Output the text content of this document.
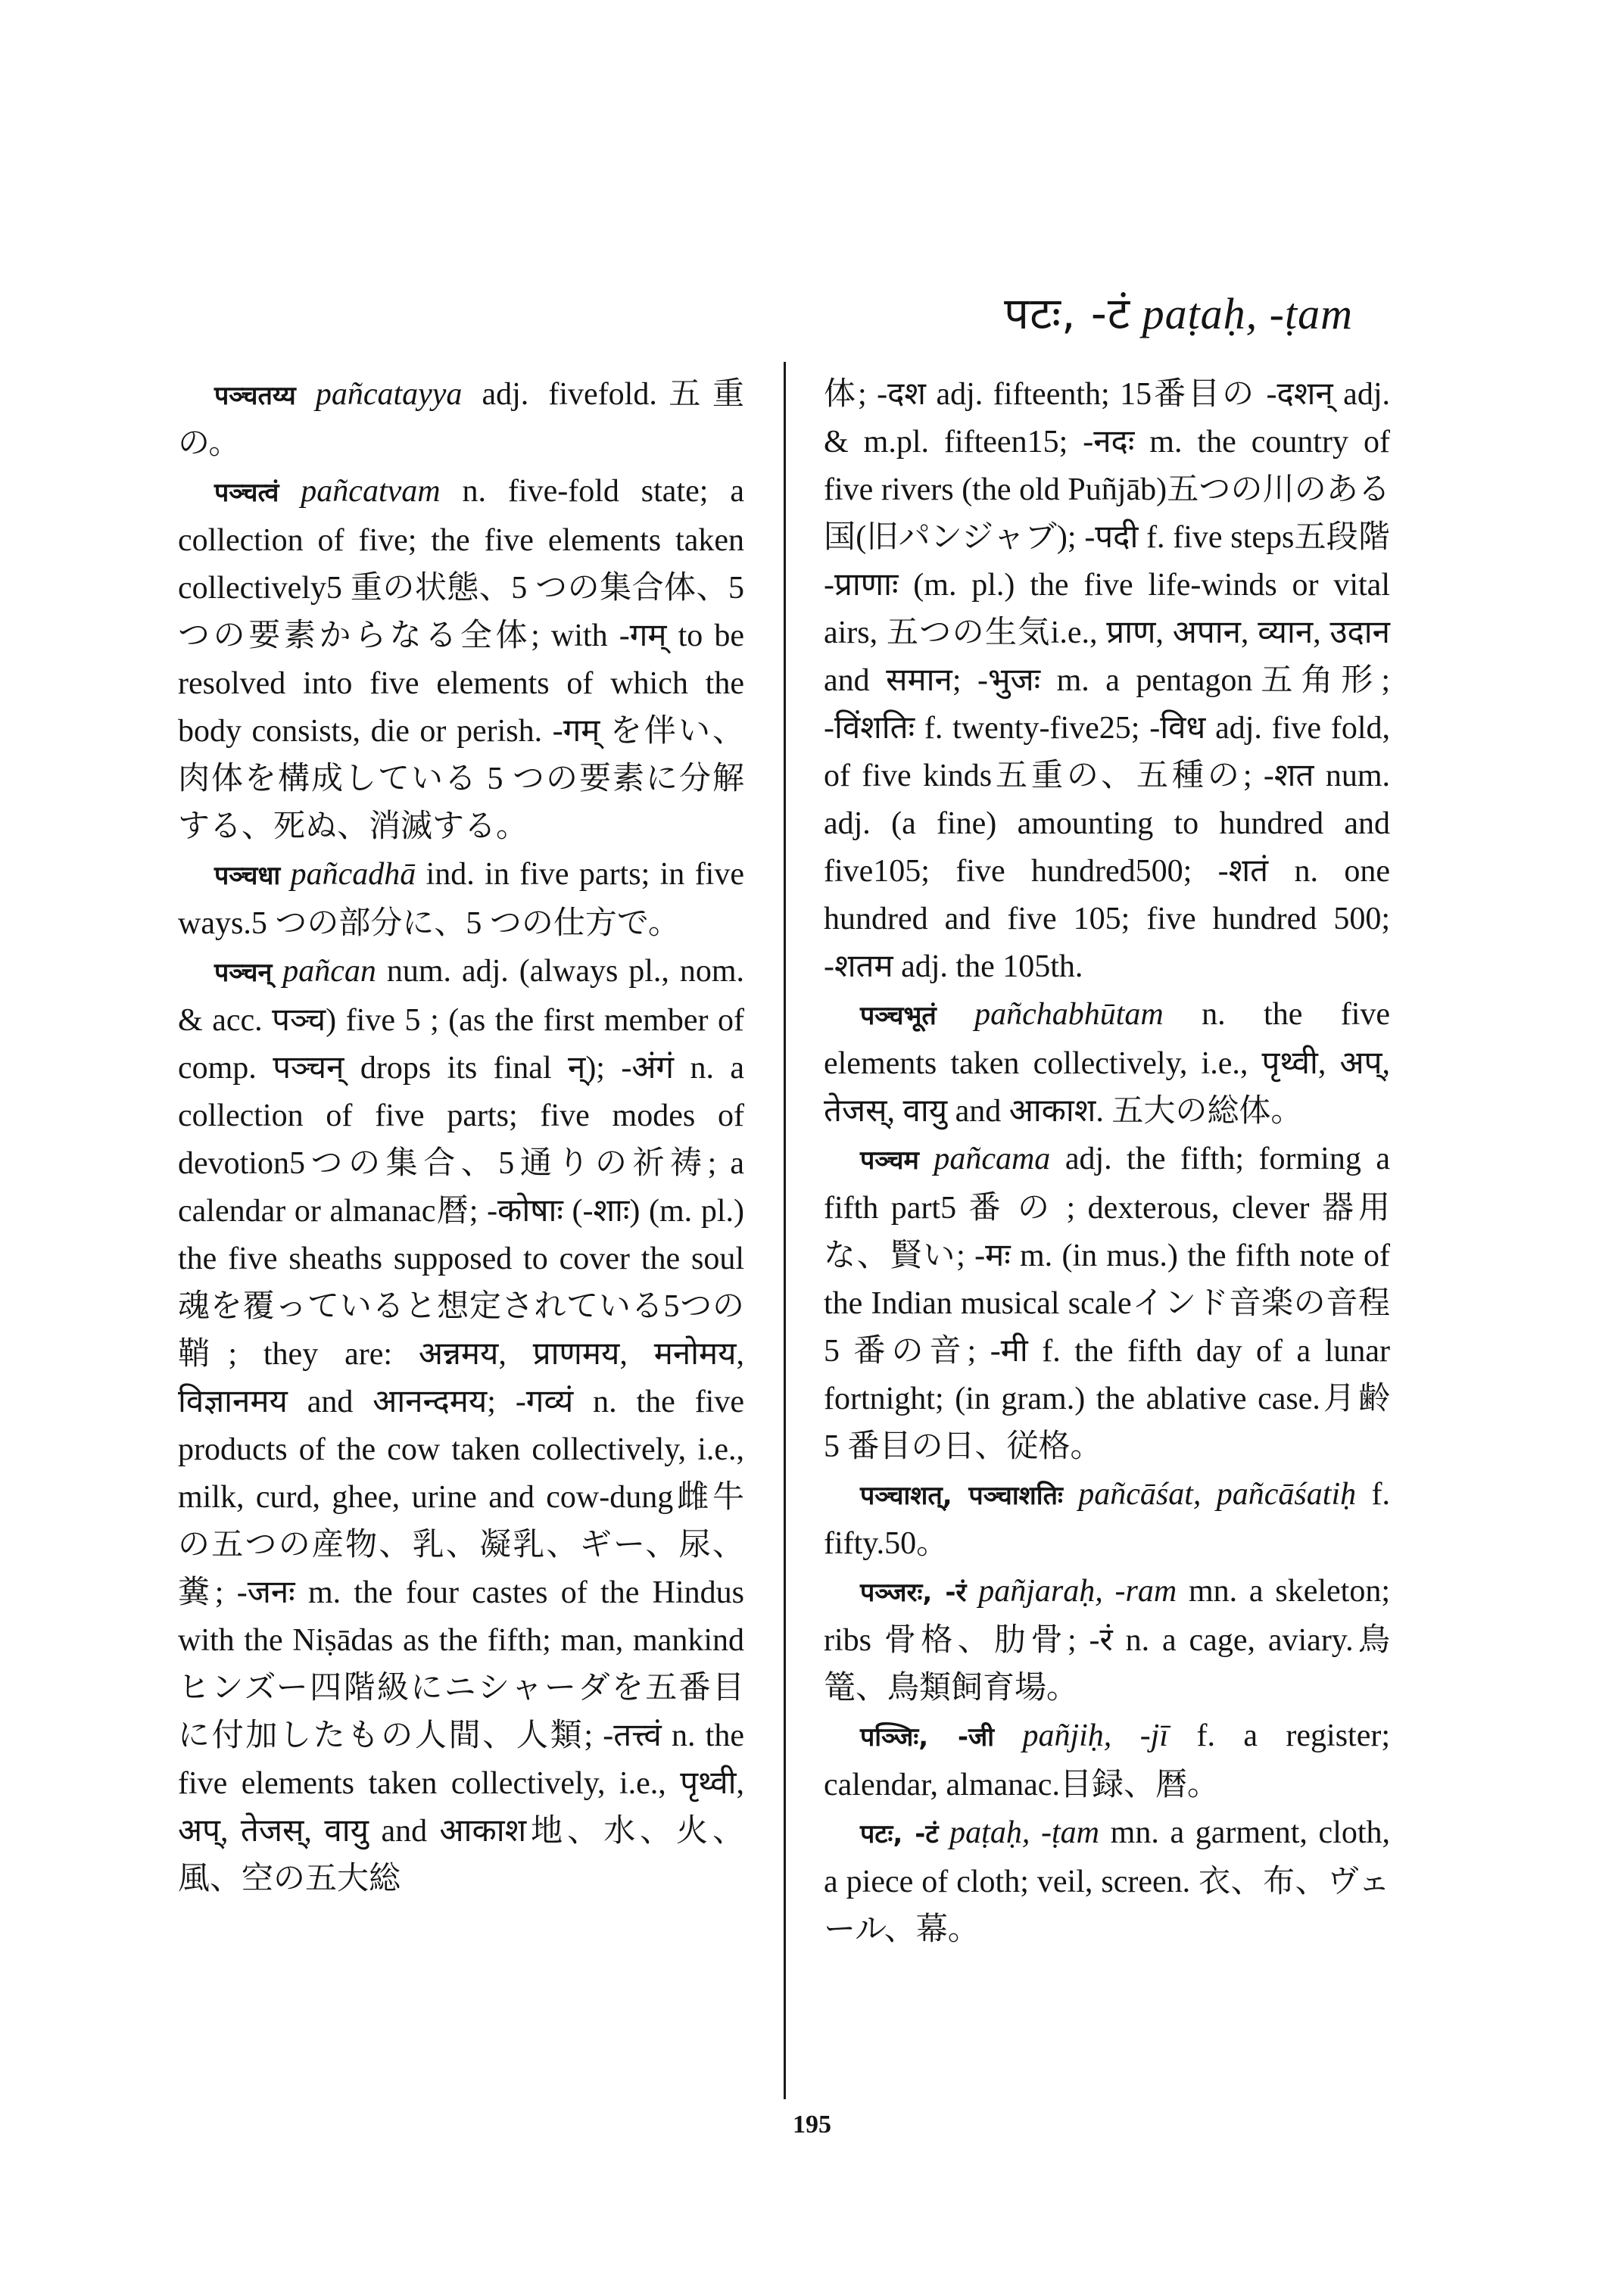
पटः, -टं paṭaḥ, -ṭam

पञ्चतय्य pañcatayya adj. fivefold.五重の。

पञ्चत्वं pañcatvam n. five-fold state; a collection of five; the five elements taken collectively5 重の状態、5 つの集合体、5 つの要素からなる全体; with -गम् to be resolved into five elements of which the body consists, die or perish. -गम् を伴い、肉体を構成している 5 つの要素に分解する、死ぬ、消滅する。

पञ्चधा pañcadhā ind. in five parts; in five ways.5 つの部分に、5 つの仕方で。

पञ्चन् pañcan num. adj. (always pl., nom. & acc. पञ्च) five 5 ; (as the first member of comp. पञ्चन् drops its final न्); -अंगं n. a collection of five parts; five modes of devotion5つの集合、5通りの祈祷; a calendar or almanac暦; -कोषाः (-शाः) (m. pl.) the five sheaths supposed to cover the soul魂を覆っていると想定されている5つの鞘; they are: अन्नमय, प्राणमय, मनोमय, विज्ञानमय and आनन्दमय; -गव्यं n. the five products of the cow taken collectively, i.e., milk, curd, ghee, urine and cow-dung雌牛の五つの産物、乳、凝乳、ギー、尿、糞; -जनः m. the four castes of the Hindus with the Niṣādas as the fifth; man, mankindヒンズー四階級にニシャーダを五番目に付加したもの人間、人類; -तत्त्वं n. the five elements taken collectively, i.e., पृथ्वी, अप्, तेजस्, वायु and आकाश地、水、火、風、空の五大総

体; -दश adj. fifteenth; 15番目の -दशन् adj. & m.pl. fifteen15; -नदः m. the country of five rivers (the old Puñjāb)五つの川のある国(旧パンジャブ); -पदी f. five steps五段階 -प्राणाः (m. pl.) the five life-winds or vital airs, 五つの生気i.e., प्राण, अपान, व्यान, उदान and समान; -भुजः m. a pentagon五角形; -विंशतिः f. twenty-five25; -विध adj. five fold, of five kinds五重の、五種の; -शत num. adj. (a fine) amounting to hundred and five105; five hundred500; -शतं n. one hundred and five 105; five hundred 500; -शतम adj. the 105th.

पञ्चभूतं pañchabhūtam n. the five elements taken collectively, i.e., पृथ्वी, अप्, तेजस्, वायु and आकाश. 五大の総体。

पञ्चम pañcama adj. the fifth; forming a fifth part5 番 の ; dexterous, clever 器用な、賢い; -मः m. (in mus.) the fifth note of the Indian musical scaleインド音楽の音程 5 番の音; -मी f. the fifth day of a lunar fortnight; (in gram.) the ablative case.月齢 5 番目の日、従格。

पञ्चाशत्, पञ्चाशतिः pañcāśat, pañcāśatiḥ f. fifty.50。

पञ्जरः, -रं pañjaraḥ, -ram mn. a skeleton; ribs 骨格、肋骨; -रं n. a cage, aviary.鳥篭、鳥類飼育場。

पञ्जिः, -जी pañjiḥ, -jī f. a register; calendar, almanac.目録、暦。

पटः, -टं paṭaḥ, -ṭam mn. a garment, cloth, a piece of cloth; veil, screen. 衣、布、ヴェール、幕。

195
